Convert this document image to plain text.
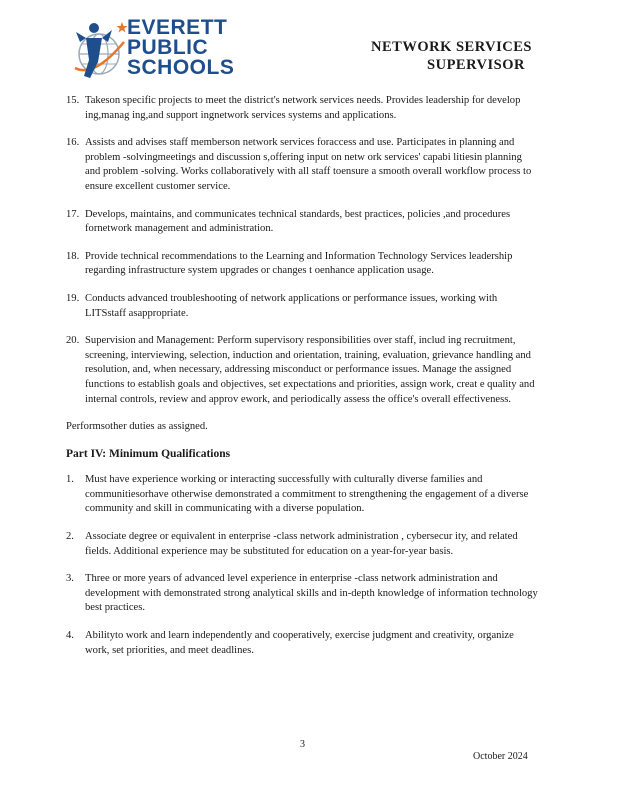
EVERETT
PUBLIC
SCHOOLS
NETWORK SERVICES
SUPERVISOR
15. Takeson specific projects to meet the district's network services needs. Provides leadership for develop ing,manag ing,and support ingnetwork services systems and applications.
16. Assists and advises staff memberson network services foraccess and use. Participates in planning and problem -solvingmeetings and discussion s,offering input on netw ork services' capabi litiesin planning and problem -solving. Works collaboratively with all staff toensure a smooth overall workflow process to ensure excellent customer service.
17. Develops, maintains, and communicates technical standards, best practices, policies ,and procedures fornetwork management and administration.
18. Provide technical recommendations to the Learning and Information Technology Services leadership regarding infrastructure system upgrades or changes t oenhance application usage.
19. Conducts advanced troubleshooting of network applications or performance issues, working with LITSstaff asappropriate.
20. Supervision and Management: Perform supervisory responsibilities over staff, includ ing recruitment, screening, interviewing, selection, induction and orientation, training, evaluation, grievance handling and resolution, and, when necessary, addressing misconduct or performance issues. Manage the assigned functions to establish goals and objectives, set expectations and priorities, assign work, creat e quality and internal controls, review and approv ework, and periodically assess the office's overall effectiveness.
Performsother duties as assigned.
Part IV: Minimum Qualifications
1.	Must have experience working or interacting successfully with culturally diverse families and communitiesorhave otherwise demonstrated a commitment to strengthening the engagement of a diverse community and skill in communicating with a diverse population.
2.	Associate degree or equivalent in enterprise -class network administration , cybersecur ity, and related fields. Additional experience may be substituted for education on a year-for-year basis.
3.	Three or more years of advanced level experience in enterprise -class network administration and development with demonstrated strong analytical skills and in-depth knowledge of information technology best practices.
4.	Abilityto work and learn independently and cooperatively, exercise judgment and creativity, organize work, set priorities, and meet deadlines.
3
October 2024
